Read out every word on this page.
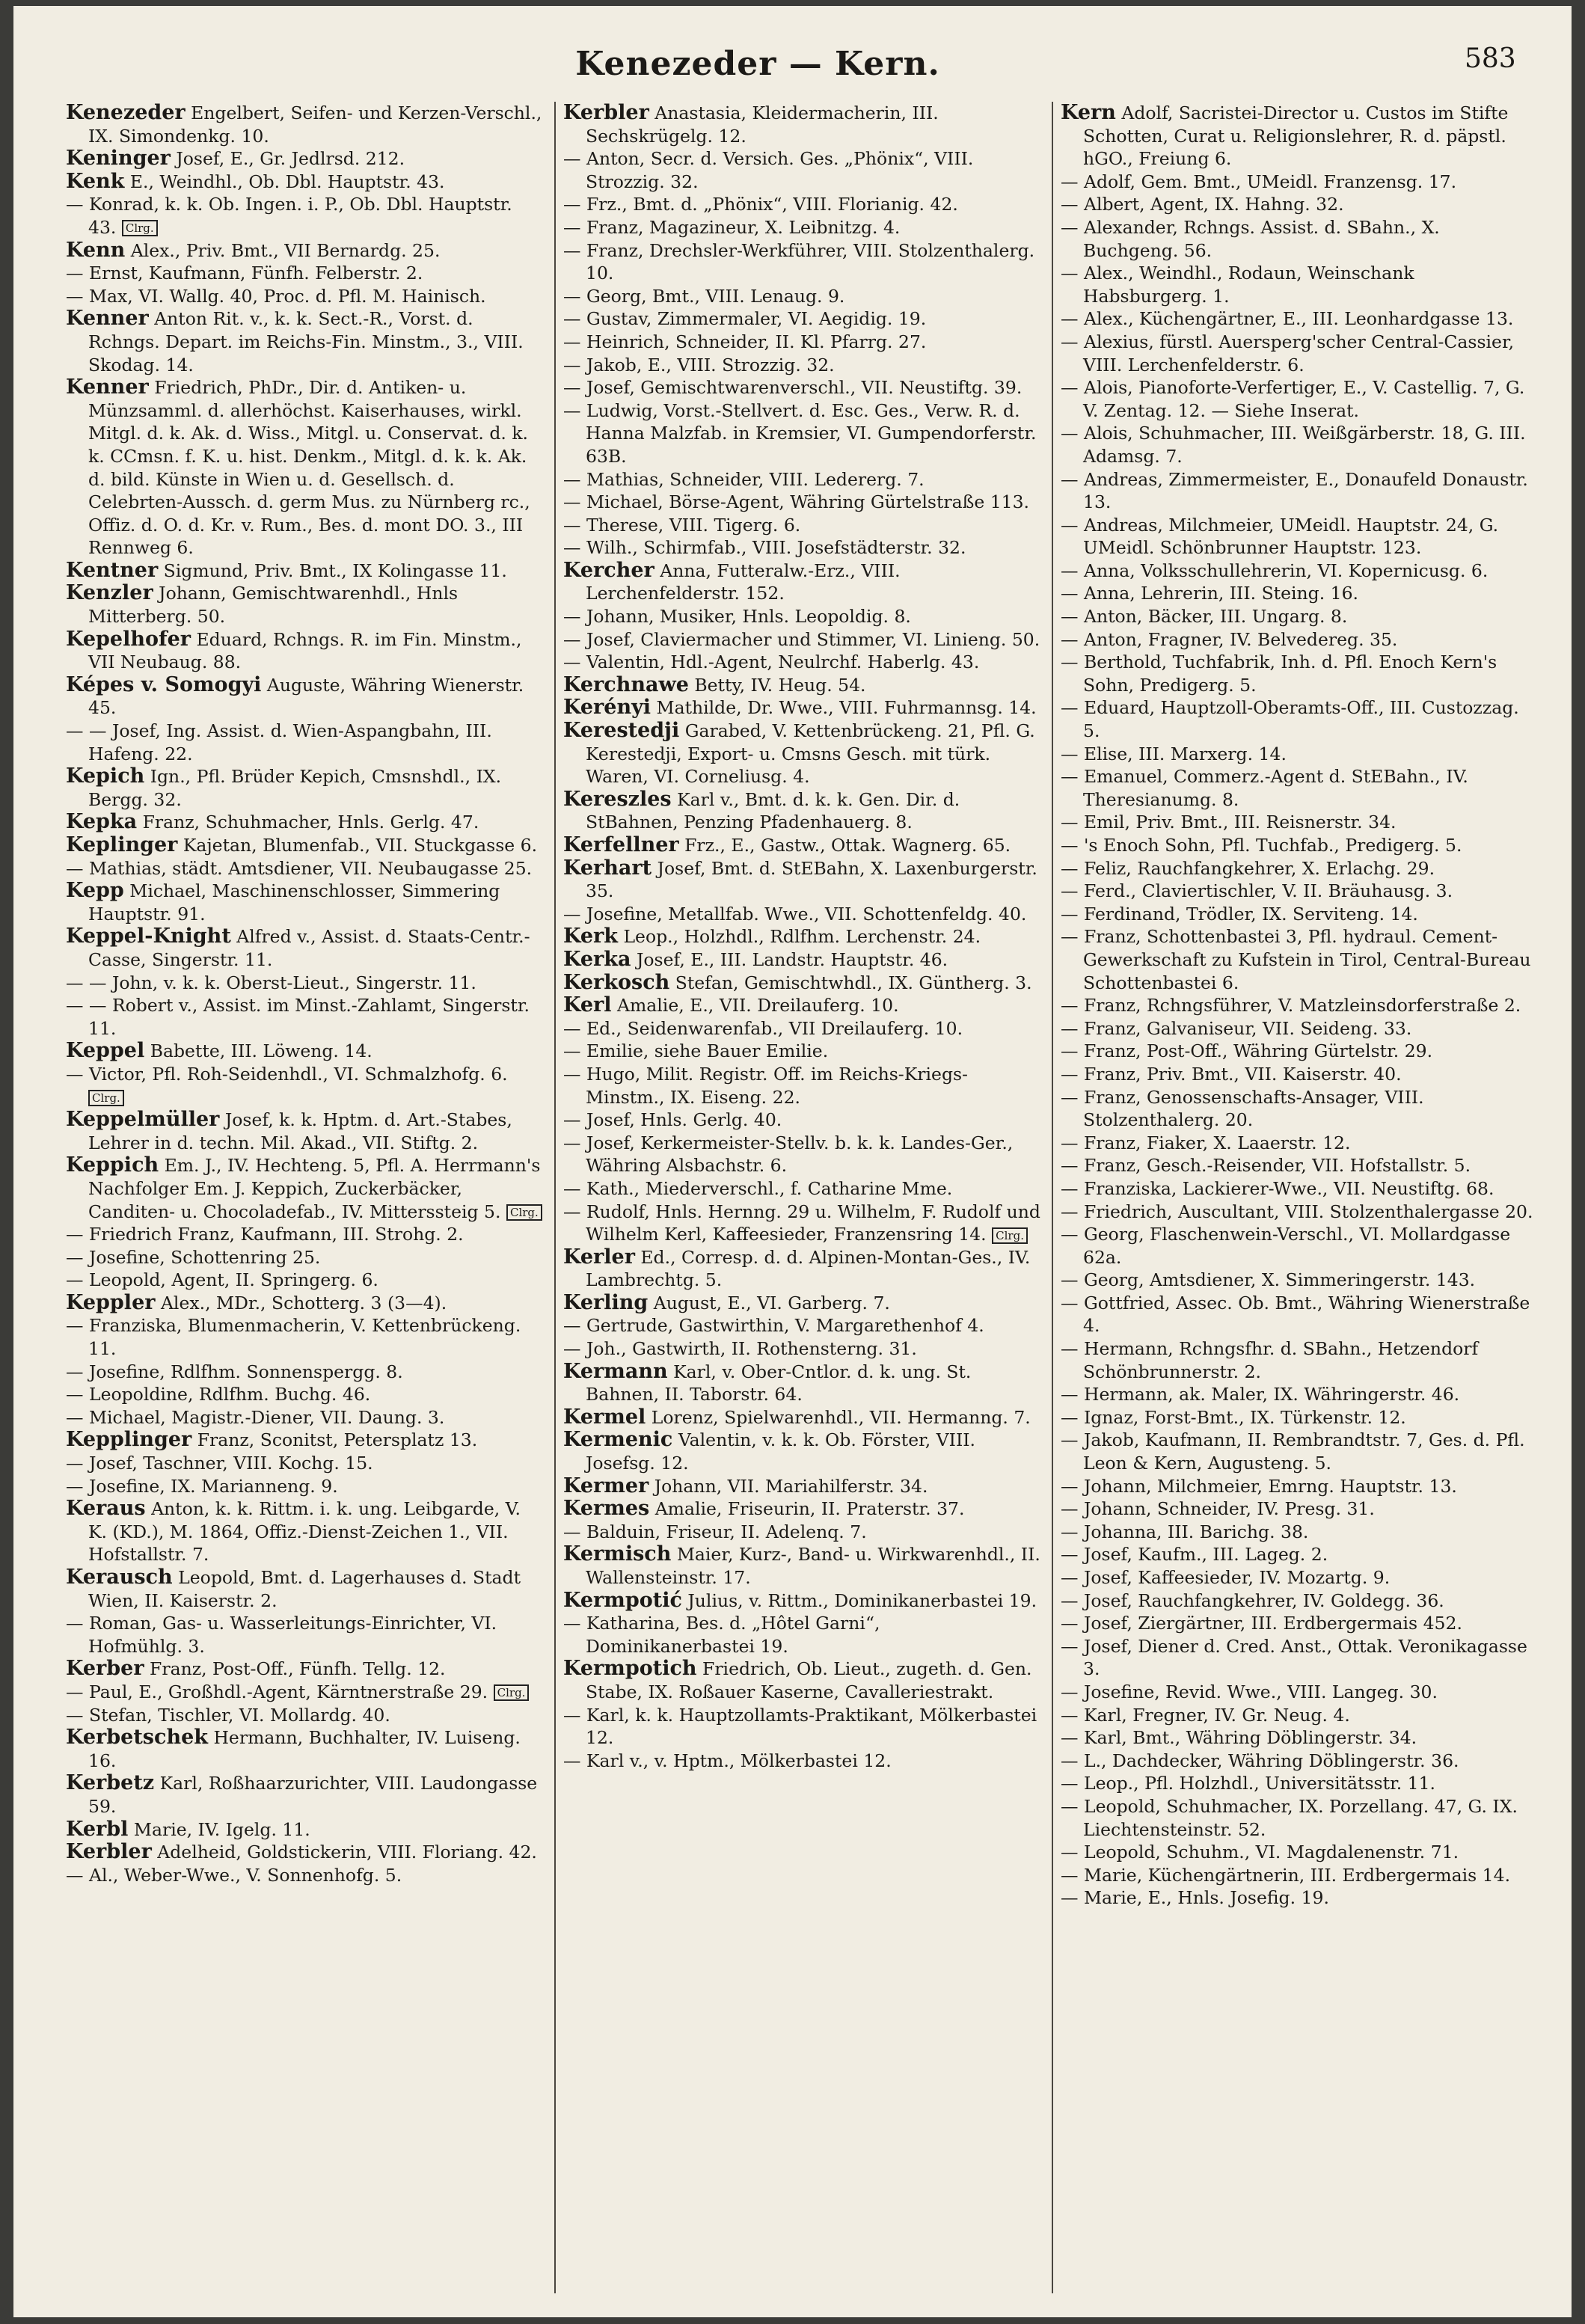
Kenezeder — Kern.	583
Kenezeder Engelbert, Seifen- und Kerzen-Verschl., IX. Simondenkg. 10.
Keninger Josef, E., Gr. Jedlrsd. 212.
Kenk E., Weindhl., Ob. Dbl. Hauptstr. 43.
— Konrad, k. k. Ob. Ingen. i. P., Ob. Dbl. Hauptstr. 43. Clrg.
Kenn Alex., Priv. Bmt., VII Bernardg. 25.
— Ernst, Kaufmann, Fünfh. Felberstr. 2.
— Max, VI. Wallg. 40, Proc. d. Pfl. M. Hainisch.
Kenner Anton Rit. v., k. k. Sect.-R., Vorst. d. Rchngs. Depart. im Reichs-Fin. Minstm., 3., VIII. Skodag. 14.
Kenner Friedrich, PhDr., Dir. d. Antiken- u. Münzsamml. d. allerhöchst. Kaiserhauses, wirkl. Mitgl. d. k. Ak. d. Wiss., Mitgl. u. Conservat. d. k. k. CCmsn. f. K. u. hist. Denkm., Mitgl. d. k. k. Ak. d. bild. Künste in Wien u. d. Gesellsch. d. Celebrten-Aussch. d. germ Mus. zu Nürnberg rc., Offiz. d. O. d. Kr. v. Rum., Bes. d. mont DO. 3., III Rennweg 6.
Kentner Sigmund, Priv. Bmt., IX Kolingasse 11.
Kenzler Johann, Gemischtwarenhdl., Hnls Mitterberg. 50.
Kepelhofer Eduard, Rchngs. R. im Fin. Minstm., VII Neubaug. 88.
Képes v. Somogyi Auguste, Währing Wienerstr. 45.
— — Josef, Ing. Assist. d. Wien-Aspangbahn, III. Hafeng. 22.
Kepich Ign., Pfl. Brüder Kepich, Cmsnshdl., IX. Bergg. 32.
Kepka Franz, Schuhmacher, Hnls. Gerlg. 47.
Keplinger Kajetan, Blumenfab., VII. Stuckgasse 6.
— Mathias, städt. Amtsdiener, VII. Neubaugasse 25.
Kepp Michael, Maschinenschlosser, Simmering Hauptstr. 91.
Keppel-Knight Alfred v., Assist. d. Staats-Centr.-Casse, Singerstr. 11.
— — John, v. k. k. Oberst-Lieut., Singerstr. 11.
— — Robert v., Assist. im Minst.-Zahlamt, Singerstr. 11.
Keppel Babette, III. Löweng. 14.
— Victor, Pfl. Roh-Seidenhdl., VI. Schmalzhofg. 6. Clrg.
Keppelmüller Josef, k. k. Hptm. d. Art.-Stabes, Lehrer in d. techn. Mil. Akad., VII. Stiftg. 2.
Keppich Em. J., IV. Hechteng. 5, Pfl. A. Herrmann's Nachfolger Em. J. Keppich, Zuckerbäcker, Canditen- u. Chocoladefab., IV. Mitterssteig 5. Clrg.
— Friedrich Franz, Kaufmann, III. Strohg. 2.
— Josefine, Schottenring 25.
— Leopold, Agent, II. Springerg. 6.
Keppler Alex., MDr., Schotterg. 3 (3—4).
— Franziska, Blumenmacherin, V. Kettenbrückeng. 11.
— Josefine, Rdlfhm. Sonnenspergg. 8.
— Leopoldine, Rdlfhm. Buchg. 46.
— Michael, Magistr.-Diener, VII. Daung. 3.
Kepplinger Franz, Sconitst, Petersplatz 13.
— Josef, Taschner, VIII. Kochg. 15.
— Josefine, IX. Marianneng. 9.
Keraus Anton, k. k. Rittm. i. k. ung. Leibgarde, V. K. (KD.), M. 1864, Offiz.-Dienst-Zeichen 1., VII. Hofstallstr. 7.
Kerausch Leopold, Bmt. d. Lagerhauses d. Stadt Wien, II. Kaiserstr. 2.
— Roman, Gas- u. Wasserleitungs-Einrichter, VI. Hofmühlg. 3.
Kerber Franz, Post-Off., Fünfh. Tellg. 12.
— Paul, E., Großhdl.-Agent, Kärntnerstraße 29. Clrg.
— Stefan, Tischler, VI. Mollardg. 40.
Kerbetschek Hermann, Buchhalter, IV. Luiseng. 16.
Kerbetz Karl, Roßhaarzurichter, VIII. Laudongasse 59.
Kerbl Marie, IV. Igelg. 11.
Kerbler Adelheid, Goldstickerin, VIII. Floriang. 42.
— Al., Weber-Wwe., V. Sonnenhofg. 5.
Kerbler Anastasia, Kleidermacherin, III. Sechskrügelg. 12.
— Anton, Secr. d. Versich. Ges. „Phönix“, VIII. Strozzig. 32.
— Frz., Bmt. d. „Phönix“, VIII. Florianig. 42.
— Franz, Magazineur, X. Leibnitzg. 4.
— Franz, Drechsler-Werkführer, VIII. Stolzenthalerg. 10.
— Georg, Bmt., VIII. Lenaug. 9.
— Gustav, Zimmermaler, VI. Aegidig. 19.
— Heinrich, Schneider, II. Kl. Pfarrg. 27.
— Jakob, E., VIII. Strozzig. 32.
— Josef, Gemischtwarenverschl., VII. Neustiftg. 39.
— Ludwig, Vorst.-Stellvert. d. Esc. Ges., Verw. R. d. Hanna Malzfab. in Kremsier, VI. Gumpendorferstr. 63B.
— Mathias, Schneider, VIII. Ledererg. 7.
— Michael, Börse-Agent, Währing Gürtelstraße 113.
— Therese, VIII. Tigerg. 6.
— Wilh., Schirmfab., VIII. Josefstädterstr. 32.
Kercher Anna, Futteralw.-Erz., VIII. Lerchenfelderstr. 152.
— Johann, Musiker, Hnls. Leopoldig. 8.
— Josef, Claviermacher und Stimmer, VI. Linieng. 50.
— Valentin, Hdl.-Agent, Neulrchf. Haberlg. 43.
Kerchnawe Betty, IV. Heug. 54.
Kerényi Mathilde, Dr. Wwe., VIII. Fuhrmannsg. 14.
Kerestedji Garabed, V. Kettenbrückeng. 21, Pfl. G. Kerestedji, Export- u. Cmsns Gesch. mit türk. Waren, VI. Corneliusg. 4.
Kereszles Karl v., Bmt. d. k. k. Gen. Dir. d. StBahnen, Penzing Pfadenhauerg. 8.
Kerfellner Frz., E., Gastw., Ottak. Wagnerg. 65.
Kerhart Josef, Bmt. d. StEBahn, X. Laxenburgerstr. 35.
— Josefine, Metallfab. Wwe., VII. Schottenfeldg. 40.
Kerk Leop., Holzhdl., Rdlfhm. Lerchenstr. 24.
Kerka Josef, E., III. Landstr. Hauptstr. 46.
Kerkosch Stefan, Gemischtwhdl., IX. Güntherg. 3.
Kerl Amalie, E., VII. Dreilauferg. 10.
— Ed., Seidenwarenfab., VII Dreilauferg. 10.
— Emilie, siehe Bauer Emilie.
— Hugo, Milit. Registr. Off. im Reichs-Kriegs-Minstm., IX. Eiseng. 22.
— Josef, Hnls. Gerlg. 40.
— Josef, Kerkermeister-Stellv. b. k. k. Landes-Ger., Währing Alsbachstr. 6.
— Kath., Miederverschl., f. Catharine Mme.
— Rudolf, Hnls. Hernng. 29 u. Wilhelm, F. Rudolf und Wilhelm Kerl, Kaffeesieder, Franzensring 14. Clrg.
Kerler Ed., Corresp. d. d. Alpinen-Montan-Ges., IV. Lambrechtg. 5.
Kerling August, E., VI. Garberg. 7.
— Gertrude, Gastwirthin, V. Margarethenhof 4.
— Joh., Gastwirth, II. Rothensterng. 31.
Kermann Karl, v. Ober-Cntlor. d. k. ung. St. Bahnen, II. Taborstr. 64.
Kermel Lorenz, Spielwarenhdl., VII. Hermanng. 7.
Kermenic Valentin, v. k. k. Ob. Förster, VIII. Josefsg. 12.
Kermer Johann, VII. Mariahilferstr. 34.
Kermes Amalie, Friseurin, II. Praterstr. 37.
— Balduin, Friseur, II. Adelenq. 7.
Kermisch Maier, Kurz-, Band- u. Wirkwarenhdl., II. Wallensteinstr. 17.
Kermpotić Julius, v. Rittm., Dominikanerbastei 19.
— Katharina, Bes. d. „Hôtel Garni“, Dominikanerbastei 19.
Kermpotich Friedrich, Ob. Lieut., zugeth. d. Gen. Stabe, IX. Roßauer Kaserne, Cavalleriestrakt.
— Karl, k. k. Hauptzollamts-Praktikant, Mölkerbastei 12.
— Karl v., v. Hptm., Mölkerbastei 12.
Kern Adolf, Sacristei-Director u. Custos im Stifte Schotten, Curat u. Religionslehrer, R. d. päpstl. hGO., Freiung 6.
— Adolf, Gem. Bmt., UMeidl. Franzensg. 17.
— Albert, Agent, IX. Hahng. 32.
— Alexander, Rchngs. Assist. d. SBahn., X. Buchgeng. 56.
— Alex., Weindhl., Rodaun, Weinschank Habsburgerg. 1.
— Alex., Küchengärtner, E., III. Leonhardgasse 13.
— Alexius, fürstl. Auersperg'scher Central-Cassier, VIII. Lerchenfelderstr. 6.
— Alois, Pianoforte-Verfertiger, E., V. Castellig. 7, G. V. Zentag. 12. — Siehe Inserat.
— Alois, Schuhmacher, III. Weißgärberstr. 18, G. III. Adamsg. 7.
— Andreas, Zimmermeister, E., Donaufeld Donaustr. 13.
— Andreas, Milchmeier, UMeidl. Hauptstr. 24, G. UMeidl. Schönbrunner Hauptstr. 123.
— Anna, Volksschullehrerin, VI. Kopernicusg. 6.
— Anna, Lehrerin, III. Steing. 16.
— Anton, Bäcker, III. Ungarg. 8.
— Anton, Fragner, IV. Belvedereg. 35.
— Berthold, Tuchfabrik, Inh. d. Pfl. Enoch Kern's Sohn, Predigerg. 5.
— Eduard, Hauptzoll-Oberamts-Off., III. Custozzag. 5.
— Elise, III. Marxerg. 14.
— Emanuel, Commerz.-Agent d. StEBahn., IV. Theresianumg. 8.
— Emil, Priv. Bmt., III. Reisnerstr. 34.
— 's Enoch Sohn, Pfl. Tuchfab., Predigerg. 5.
— Feliz, Rauchfangkehrer, X. Erlachg. 29.
— Ferd., Claviertischler, V. II. Bräuhausg. 3.
— Ferdinand, Trödler, IX. Serviteng. 14.
— Franz, Schottenbastei 3, Pfl. hydraul. Cement-Gewerkschaft zu Kufstein in Tirol, Central-Bureau Schottenbastei 6.
— Franz, Rchngsführer, V. Matzleinsdorferstraße 2.
— Franz, Galvaniseur, VII. Seideng. 33.
— Franz, Post-Off., Währing Gürtelstr. 29.
— Franz, Priv. Bmt., VII. Kaiserstr. 40.
— Franz, Genossenschafts-Ansager, VIII. Stolzenthalerg. 20.
— Franz, Fiaker, X. Laaerstr. 12.
— Franz, Gesch.-Reisender, VII. Hofstallstr. 5.
— Franziska, Lackierer-Wwe., VII. Neustiftg. 68.
— Friedrich, Auscultant, VIII. Stolzenthalergasse 20.
— Georg, Flaschenwein-Verschl., VI. Mollardgasse 62a.
— Georg, Amtsdiener, X. Simmeringerstr. 143.
— Gottfried, Assec. Ob. Bmt., Währing Wienerstraße 4.
— Hermann, Rchngsfhr. d. SBahn., Hetzendorf Schönbrunnerstr. 2.
— Hermann, ak. Maler, IX. Währingerstr. 46.
— Ignaz, Forst-Bmt., IX. Türkenstr. 12.
— Jakob, Kaufmann, II. Rembrandtstr. 7, Ges. d. Pfl. Leon & Kern, Augusteng. 5.
— Johann, Milchmeier, Emrng. Hauptstr. 13.
— Johann, Schneider, IV. Presg. 31.
— Johanna, III. Barichg. 38.
— Josef, Kaufm., III. Lageg. 2.
— Josef, Kaffeesieder, IV. Mozartg. 9.
— Josef, Rauchfangkehrer, IV. Goldegg. 36.
— Josef, Ziergärtner, III. Erdbergermais 452.
— Josef, Diener d. Cred. Anst., Ottak. Veronikagasse 3.
— Josefine, Revid. Wwe., VIII. Langeg. 30.
— Karl, Fregner, IV. Gr. Neug. 4.
— Karl, Bmt., Währing Döblingerstr. 34.
— L., Dachdecker, Währing Döblingerstr. 36.
— Leop., Pfl. Holzhdl., Universitätsstr. 11.
— Leopold, Schuhmacher, IX. Porzellang. 47, G. IX. Liechtensteinstr. 52.
— Leopold, Schuhm., VI. Magdalenenstr. 71.
— Marie, Küchengärtnerin, III. Erdbergermais 14.
— Marie, E., Hnls. Josefig. 19.
